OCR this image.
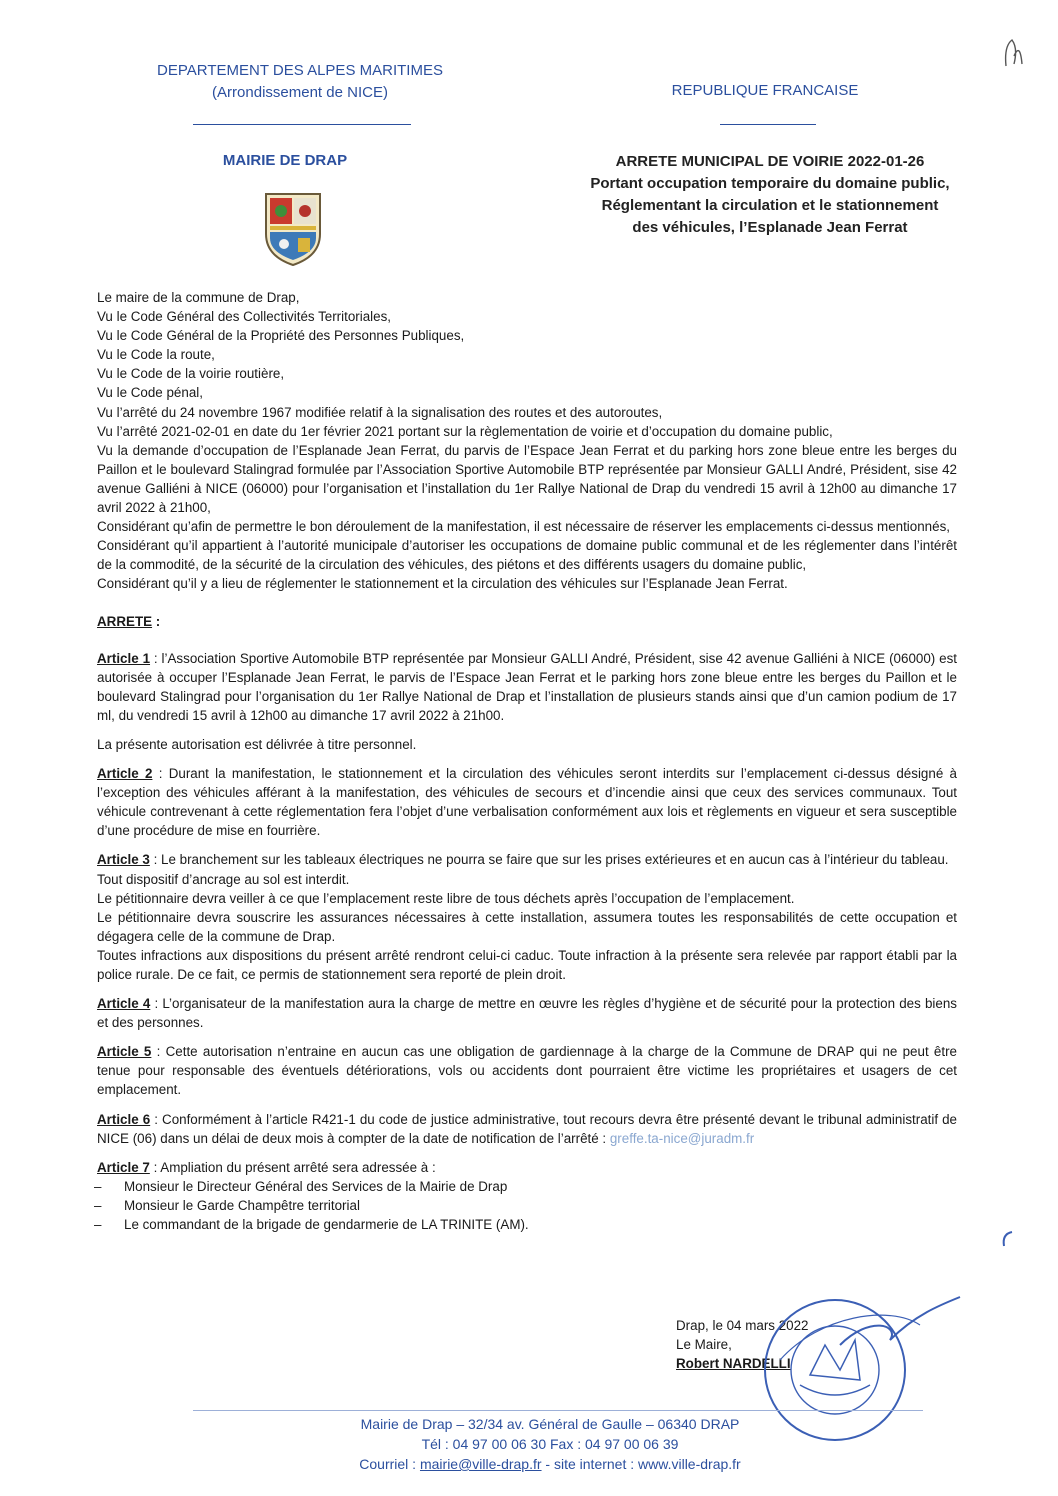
DEPARTEMENT DES ALPES MARITIMES
(Arrondissement de NICE)	REPUBLIQUE FRANCAISE
MAIRIE DE DRAP	ARRETE MUNICIPAL DE VOIRIE 2022-01-26
Portant occupation temporaire du domaine public,
Réglementant la circulation et le stationnement
des véhicules, l’Esplanade Jean Ferrat

Le maire de la commune de Drap,

Vu le Code Général des Collectivités Territoriales,

Vu le Code Général de la Propriété des Personnes Publiques,

Vu le Code la route,

Vu le Code de la voirie routière,

Vu le Code pénal,

Vu l’arrêté du 24 novembre 1967 modifiée relatif à la signalisation des routes et des autoroutes,

Vu l’arrêté 2021-02-01 en date du 1er février 2021 portant sur la règlementation de voirie et d’occupation du domaine public,

Vu la demande d’occupation de l’Esplanade Jean Ferrat, du parvis de l’Espace Jean Ferrat et du parking hors zone bleue entre les berges du Paillon et le boulevard Stalingrad formulée par l’Association Sportive Automobile BTP représentée par Monsieur GALLI André, Président, sise 42 avenue Galliéni à NICE (06000) pour l’organisation et l’installation du 1er Rallye National de Drap du vendredi 15 avril à 12h00 au dimanche 17 avril 2022 à 21h00,

Considérant qu’afin de permettre le bon déroulement de la manifestation, il est nécessaire de réserver les emplacements ci-dessus mentionnés,

Considérant qu’il appartient à l’autorité municipale d’autoriser les occupations de domaine public communal et de les réglementer dans l’intérêt de la commodité, de la sécurité de la circulation des véhicules, des piétons et des différents usagers du domaine public,

Considérant qu’il y a lieu de réglementer le stationnement et la circulation des véhicules sur l’Esplanade Jean Ferrat.

ARRETE :

Article 1 : l’Association Sportive Automobile BTP représentée par Monsieur GALLI André, Président, sise 42 avenue Galliéni à NICE (06000) est autorisée à occuper l’Esplanade Jean Ferrat, le parvis de l’Espace Jean Ferrat et le parking hors zone bleue entre les berges du Paillon et le boulevard Stalingrad pour l’organisation du 1er Rallye National de Drap et l’installation de plusieurs stands ainsi que d’un camion podium de 17 ml, du vendredi 15 avril à 12h00 au dimanche 17 avril 2022 à 21h00.

La présente autorisation est délivrée à titre personnel.

Article 2 : Durant la manifestation, le stationnement et la circulation des véhicules seront interdits sur l’emplacement ci-dessus désigné à l’exception des véhicules afférant à la manifestation, des véhicules de secours et d’incendie ainsi que ceux des services communaux. Tout véhicule contrevenant à cette réglementation fera l’objet d’une verbalisation conformément aux lois et règlements en vigueur et sera susceptible d’une procédure de mise en fourrière.

Article 3 : Le branchement sur les tableaux électriques ne pourra se faire que sur les prises extérieures et en aucun cas à l’intérieur du tableau.

Tout dispositif d’ancrage au sol est interdit.

Le pétitionnaire devra veiller à ce que l’emplacement reste libre de tous déchets après l’occupation de l’emplacement.

Le pétitionnaire devra souscrire les assurances nécessaires à cette installation, assumera toutes les responsabilités de cette occupation et dégagera celle de la commune de Drap.

Toutes infractions aux dispositions du présent arrêté rendront celui-ci caduc. Toute infraction à la présente sera relevée par rapport établi par la police rurale. De ce fait, ce permis de stationnement sera reporté de plein droit.

Article 4 : L’organisateur de la manifestation aura la charge de mettre en œuvre les règles d’hygiène et de sécurité pour la protection des biens et des personnes.

Article 5 : Cette autorisation n’entraine en aucun cas une obligation de gardiennage à la charge de la Commune de DRAP qui ne peut être tenue pour responsable des éventuels détériorations, vols ou accidents dont pourraient être victime les propriétaires et usagers de cet emplacement.

Article 6 : Conformément à l’article R421-1 du code de justice administrative, tout recours devra être présenté devant le tribunal administratif de NICE (06) dans un délai de deux mois à compter de la date de notification de l’arrêté : greffe.ta-nice@juradm.fr

Article 7 : Ampliation du présent arrêté sera adressée à :

–	Monsieur le Directeur Général des Services de la Mairie de Drap
–	Monsieur le Garde Champêtre territorial
–	Le commandant de la brigade de gendarmerie de LA TRINITE (AM).
Drap, le 04 mars 2022
Le Maire,
Robert NARDELLI
Mairie de Drap – 32/34 av. Général de Gaulle – 06340 DRAP
Tél : 04 97 00 06 30 Fax : 04 97 00 06 39
Courriel : mairie@ville-drap.fr - site internet : www.ville-drap.fr
